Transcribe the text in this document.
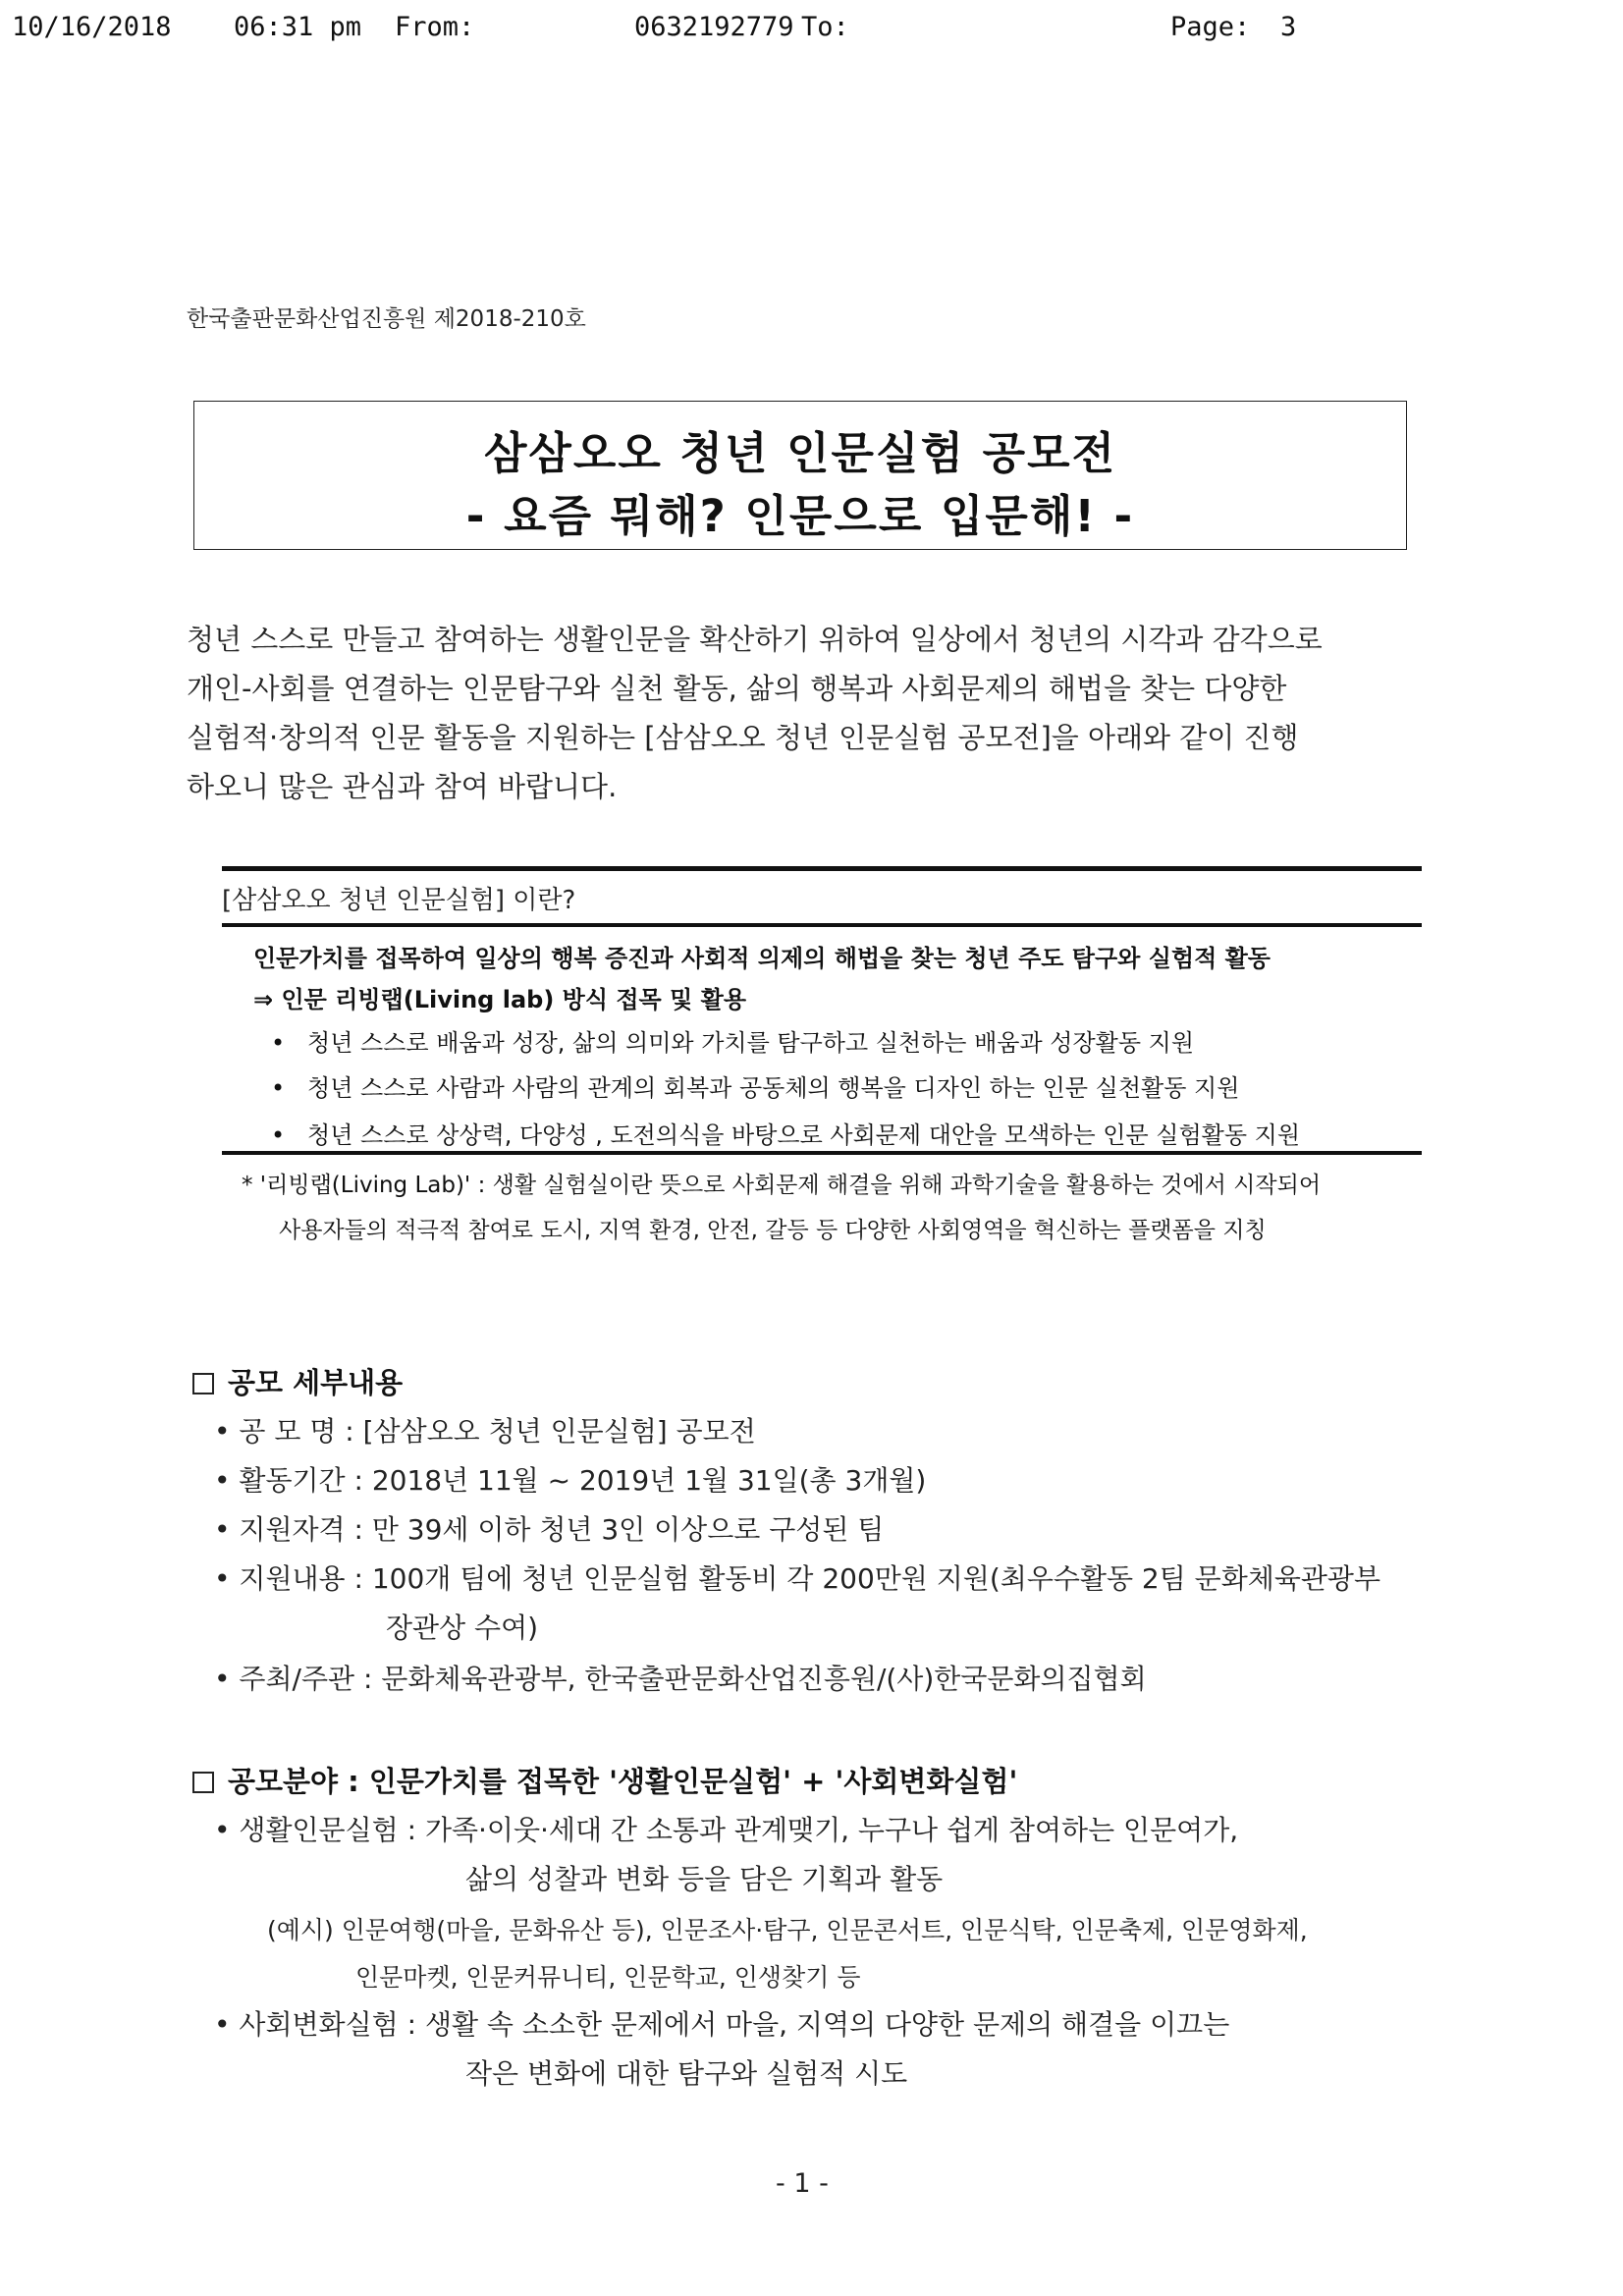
10/16/2018 06:31 pm From:	0632192779 To:	Page: 3
한국출판문화산업진흥원 제2018-210호
삼삼오오 청년 인문실험 공모전
- 요즘 뭐해? 인문으로 입문해! -
청년 스스로 만들고 참여하는 생활인문을 확산하기 위하여 일상에서 청년의 시각과 감각으로
개인-사회를 연결하는 인문탐구와 실천 활동, 삶의 행복과 사회문제의 해법을 찾는 다양한
실험적·창의적 인문 활동을 지원하는 [삼삼오오 청년 인문실험 공모전]을 아래와 같이 진행
하오니 많은 관심과 참여 바랍니다.
[삼삼오오 청년 인문실험] 이란?
인문가치를 접목하여 일상의 행복 증진과 사회적 의제의 해법을 찾는 청년 주도 탐구와 실험적 활동
⇒ 인문 리빙랩(Living lab) 방식 접목 및 활용
•   청년 스스로 배움과 성장, 삶의 의미와 가치를 탐구하고 실천하는 배움과 성장활동 지원
•   청년 스스로 사람과 사람의 관계의 회복과 공동체의 행복을 디자인 하는 인문 실천활동 지원
•   청년 스스로 상상력, 다양성 , 도전의식을 바탕으로 사회문제 대안을 모색하는 인문 실험활동 지원
* '리빙랩(Living Lab)' : 생활 실험실이란 뜻으로 사회문제 해결을 위해 과학기술을 활용하는 것에서 시작되어
사용자들의 적극적 참여로 도시, 지역 환경, 안전, 갈등 등 다양한 사회영역을 혁신하는 플랫폼을 지칭
공모 세부내용
• 공 모 명 : [삼삼오오 청년 인문실험] 공모전
• 활동기간 : 2018년 11월 ~ 2019년 1월 31일(총 3개월)
• 지원자격 : 만 39세 이하 청년 3인 이상으로 구성된 팀
• 지원내용 : 100개 팀에 청년 인문실험 활동비 각 200만원 지원(최우수활동 2팀 문화체육관광부
장관상 수여)
• 주최/주관 : 문화체육관광부, 한국출판문화산업진흥원/(사)한국문화의집협회
공모분야 : 인문가치를 접목한 '생활인문실험' + '사회변화실험'
• 생활인문실험 : 가족·이웃·세대 간 소통과 관계맺기, 누구나 쉽게 참여하는 인문여가,
삶의 성찰과 변화 등을 담은 기획과 활동
(예시) 인문여행(마을, 문화유산 등), 인문조사·탐구, 인문콘서트, 인문식탁, 인문축제, 인문영화제,
인문마켓, 인문커뮤니티, 인문학교, 인생찾기 등
• 사회변화실험 : 생활 속 소소한 문제에서 마을, 지역의 다양한 문제의 해결을 이끄는
작은 변화에 대한 탐구와 실험적 시도
- 1 -
